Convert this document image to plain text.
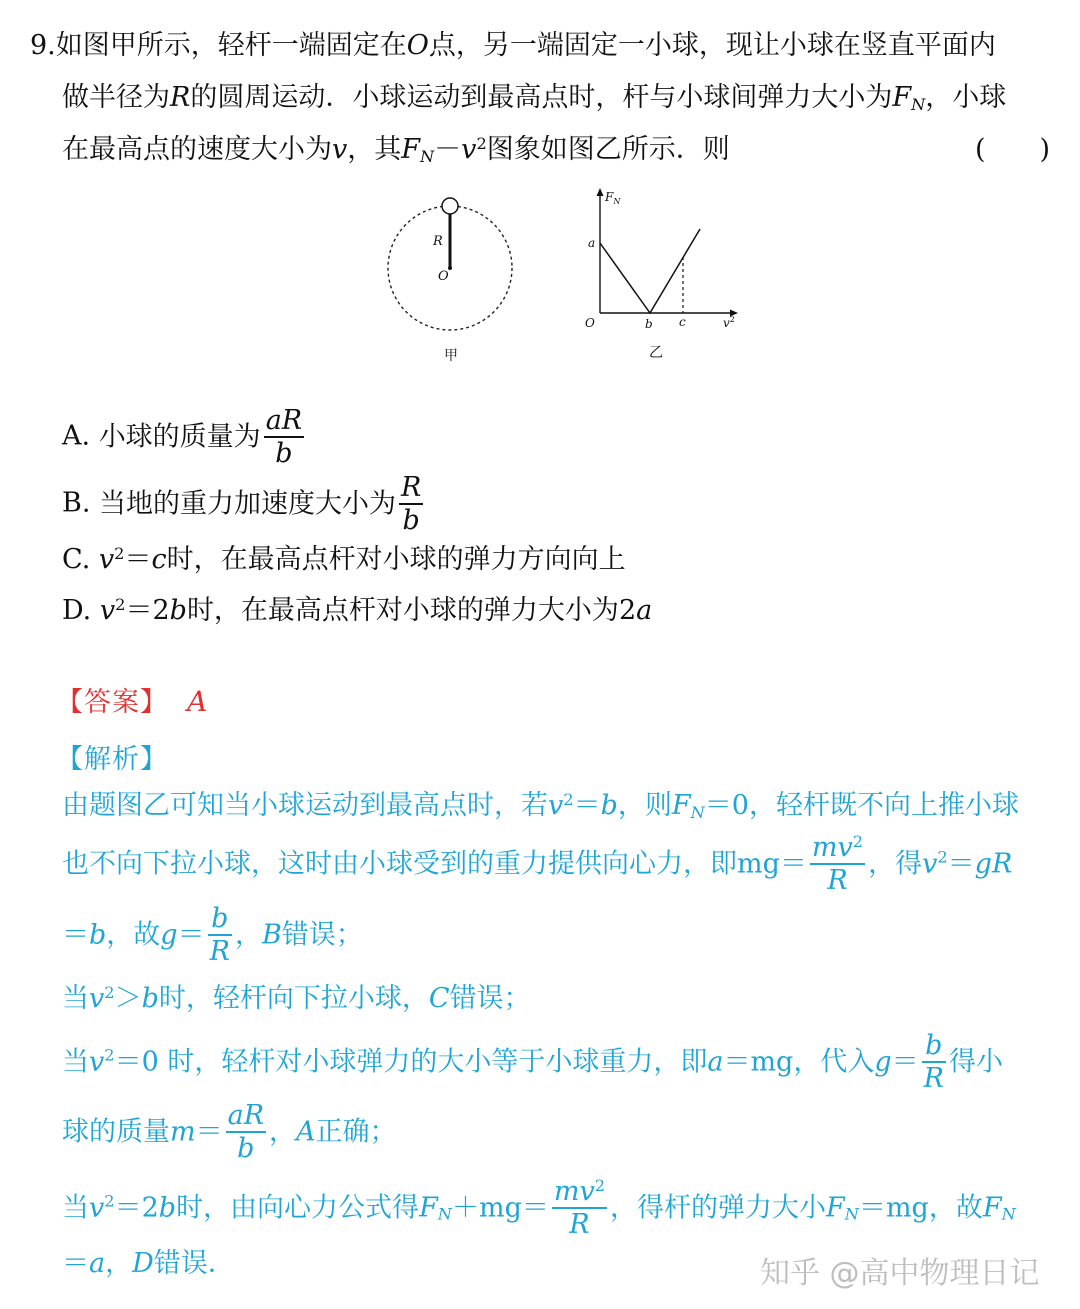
9.如图甲所示，轻杆一端固定在O点，另一端固定一小球，现让小球在竖直平面内
做半径为R的圆周运动．小球运动到最高点时，杆与小球间弹力大小为$F_N$，小球
在最高点的速度大小为v，其$F_N-v^2$图象如图乙所示．则	(　　)
R
O
甲
$F_N$
a
O	b c	$v^2$
乙
A. 小球的质量为 $\frac{aR}{b}$
B. 当地的重力加速度大小为 $\frac{R}{b}$
C. $v^2=c$时，在最高点杆对小球的弹力方向向上
D. $v^2=2b$时，在最高点杆对小球的弹力大小为2a
【答案】 A
【解析】
由题图乙可知当小球运动到最高点时，若$v^2=b$，则$F_N=0$，轻杆既不向上推小球
也不向下拉小球，这时由小球受到的重力提供向心力，即$mg= \frac{mv^2}{R}$ ，得$v^2=gR$
＝b，故$g= \frac{b}{R}$ ，B错误；
当$v^2>b$时，轻杆向下拉小球，C错误；
当$v^2=0$ 时，轻杆对小球弹力的大小等于小球重力，即a＝mg，代入$g= \frac{b}{R}$ 得小
球的质量$m= \frac{aR}{b}$ ，A正确；
当$v^2=2b$时，由向心力公式得$F_N+mg= \frac{mv^2}{R}$ ，得杆的弹力大小$F_N=mg$，故$F_N$
＝a，D错误．	知乎 @高中物理日记
